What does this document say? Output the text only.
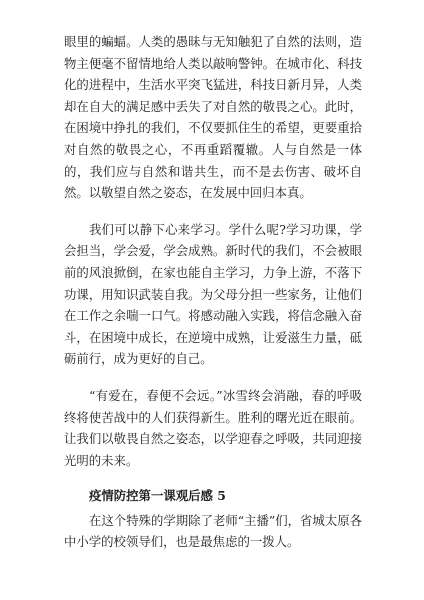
眼里的蝙蝠。人类的愚昧与无知触犯了自然的法则，造物主便毫不留情地给人类以敲响警钟。在城市化、科技化的进程中，生活水平突飞猛进，科技日新月异，人类却在自大的满足感中丢失了对自然的敬畏之心。此时，在困境中挣扎的我们，不仅要抓住生的希望，更要重拾对自然的敬畏之心，不再重蹈覆辙。人与自然是一体的，我们应与自然和谐共生，而不是去伤害、破坏自然。以敬望自然之姿态，在发展中回归本真。

我们可以静下心来学习。学什么呢?学习功课，学会担当，学会爱，学会成熟。新时代的我们，不会被眼前的风浪掀倒，在家也能自主学习，力争上游，不落下功课，用知识武装自我。为父母分担一些家务，让他们在工作之余喘一口气。将感动融入实践，将信念融入奋斗，在困境中成长，在逆境中成熟，让爱滋生力量，砥砺前行，成为更好的自己。

“有爱在，春便不会远。”冰雪终会消融，春的呼吸终将使苦战中的人们获得新生。胜利的曙光近在眼前。让我们以敬畏自然之姿态，以学迎春之呼吸，共同迎接光明的未来。

疫情防控第一课观后感 5

在这个特殊的学期除了老师“主播”们，省城太原各中小学的校领导们，也是最焦虑的一拨人。
